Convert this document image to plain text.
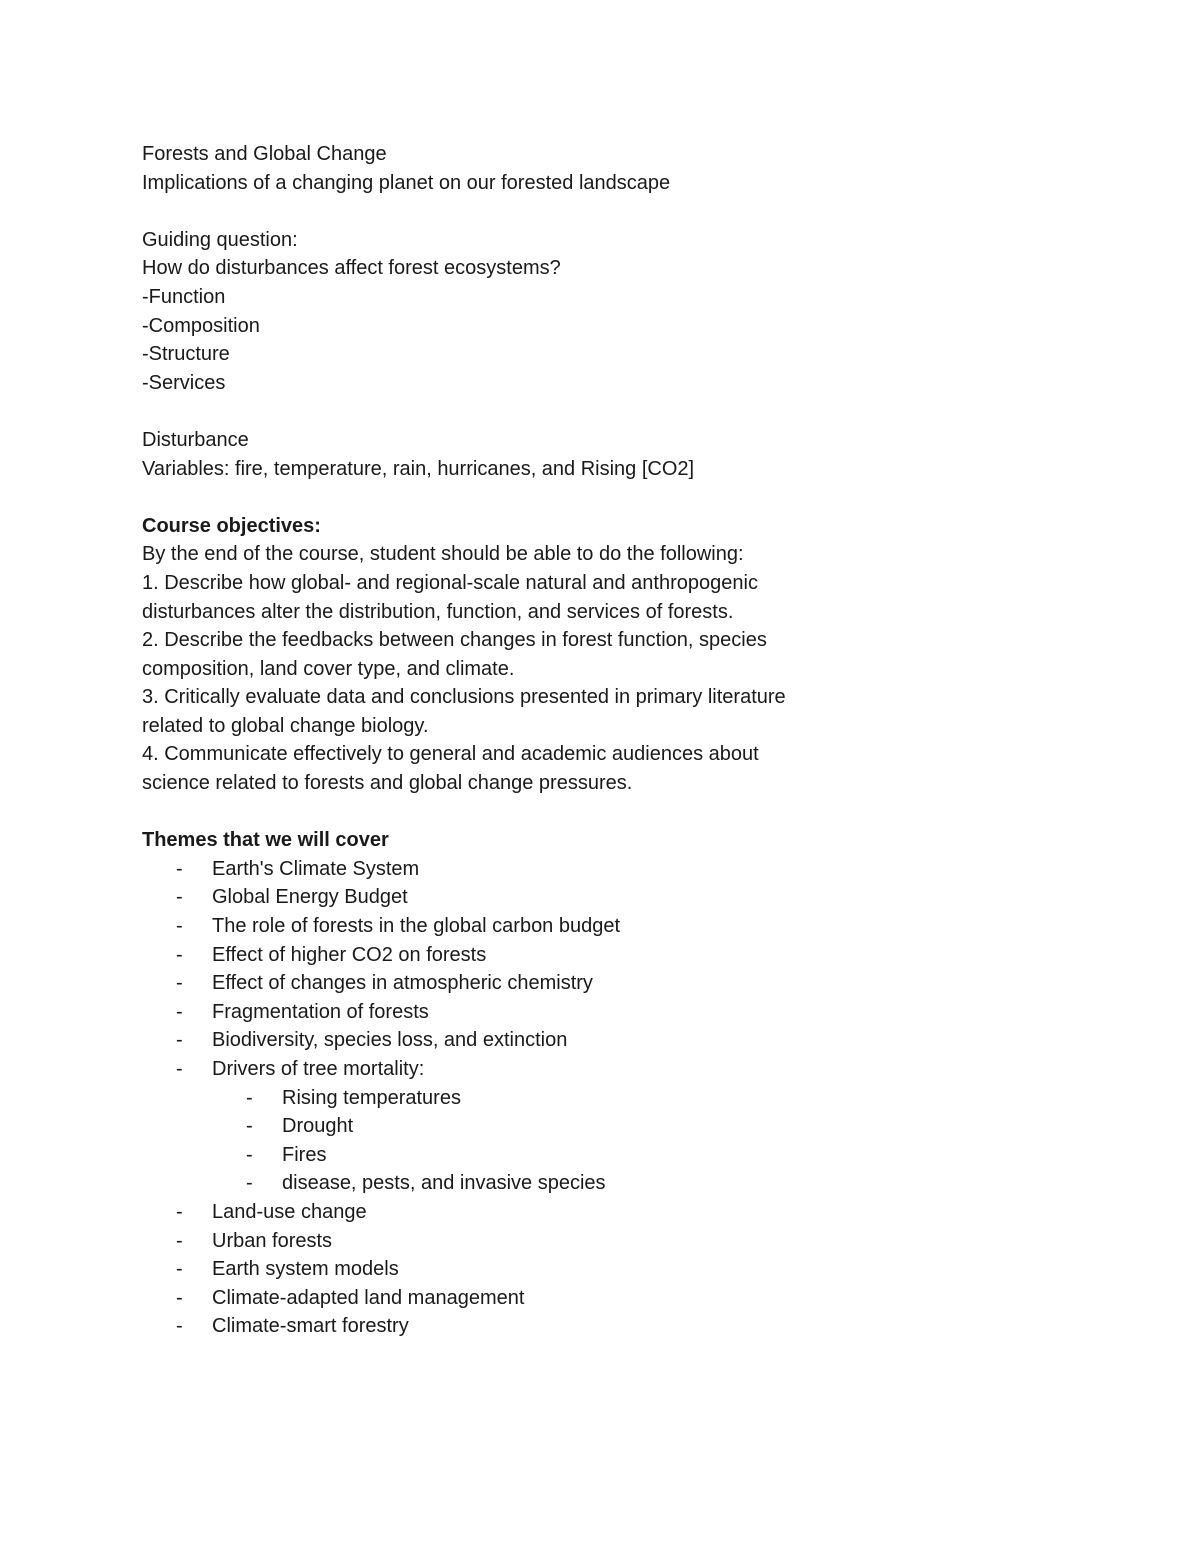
Forests and Global Change
Implications of a changing planet on our forested landscape
Guiding question:
How do disturbances affect forest ecosystems?
-Function
-Composition
-Structure
-Services
Disturbance
Variables: fire, temperature, rain, hurricanes, and Rising [CO2]
Course objectives:
By the end of the course, student should be able to do the following:
1. Describe how global- and regional-scale natural and anthropogenic
disturbances alter the distribution, function, and services of forests.
2. Describe the feedbacks between changes in forest function, species
composition, land cover type, and climate.
3. Critically evaluate data and conclusions presented in primary literature
related to global change biology.
4. Communicate effectively to general and academic audiences about
science related to forests and global change pressures.
Themes that we will cover
- Earth's Climate System
- Global Energy Budget
- The role of forests in the global carbon budget
- Effect of higher CO2 on forests
- Effect of changes in atmospheric chemistry
- Fragmentation of forests
- Biodiversity, species loss, and extinction
- Drivers of tree mortality:
- Rising temperatures
- Drought
- Fires
- disease, pests, and invasive species
- Land-use change
- Urban forests
- Earth system models
- Climate-adapted land management
- Climate-smart forestry
